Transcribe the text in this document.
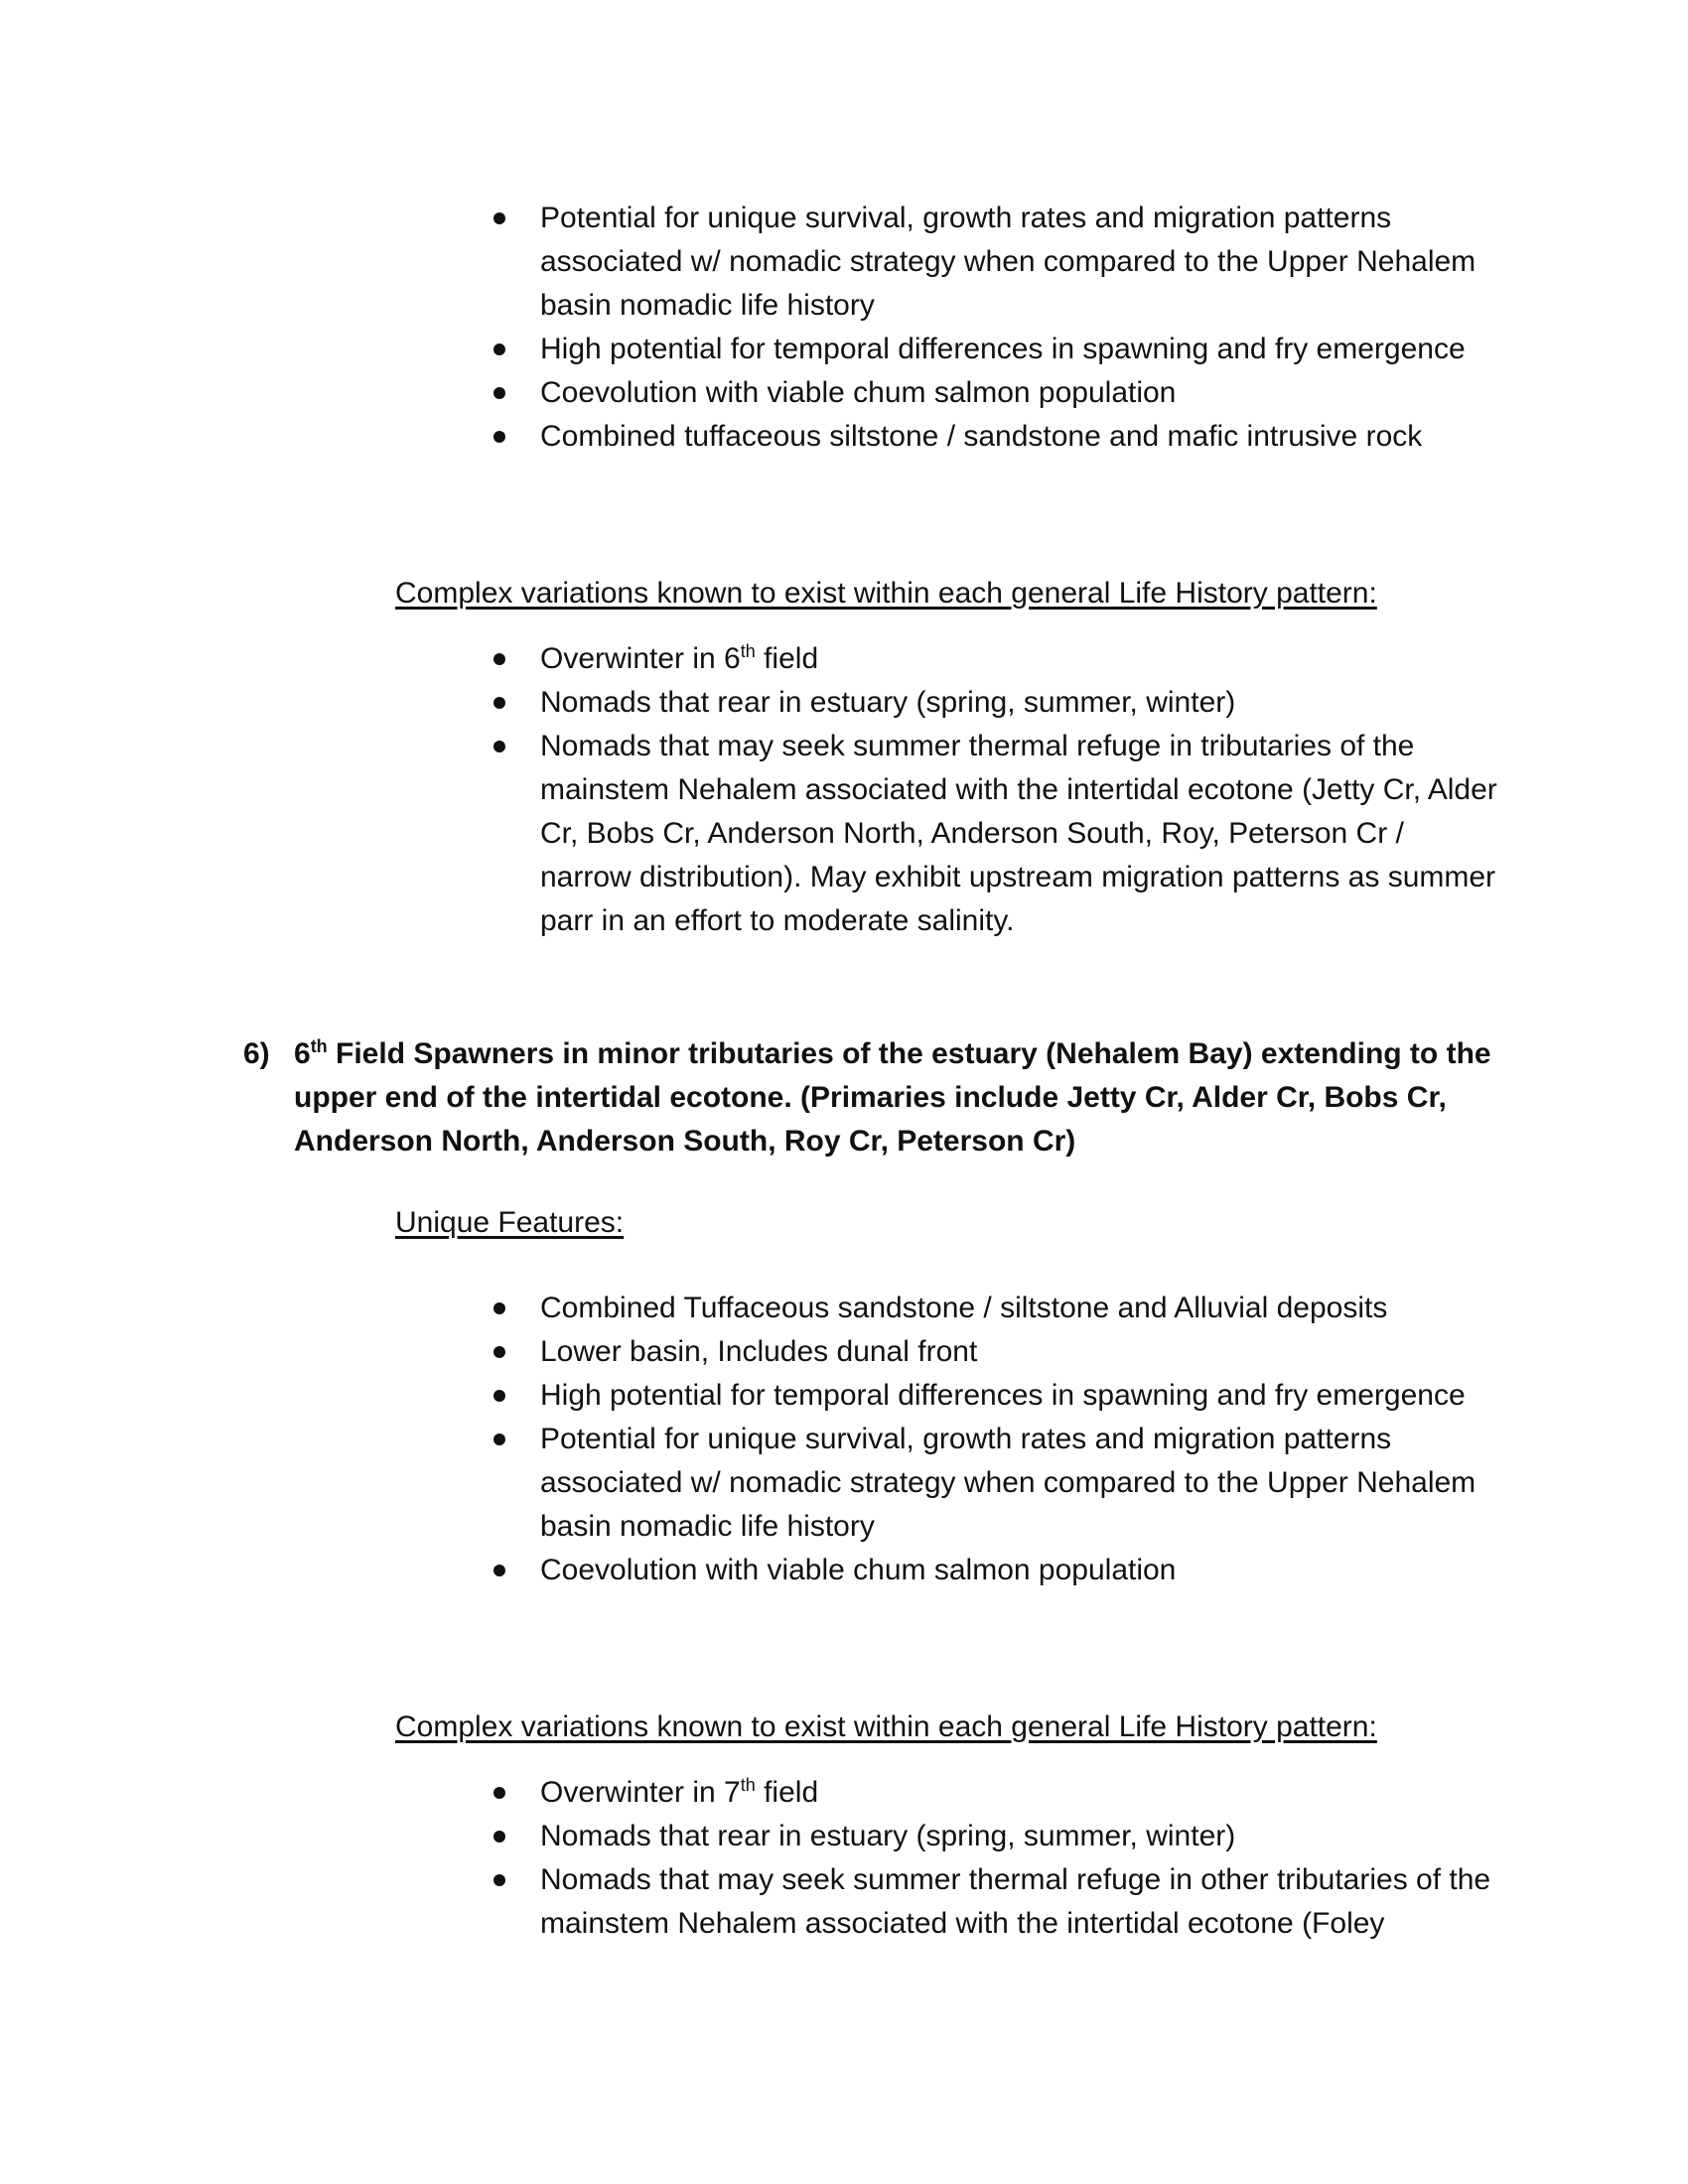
Potential for unique survival, growth rates and migration patterns associated w/ nomadic strategy when compared to the Upper Nehalem basin nomadic life history
High potential for temporal differences in spawning and fry emergence
Coevolution with viable chum salmon population
Combined tuffaceous siltstone / sandstone and mafic intrusive rock
Complex variations known to exist within each general Life History pattern:
Overwinter in 6th field
Nomads that rear in estuary (spring, summer, winter)
Nomads that may seek summer thermal refuge in tributaries of the mainstem Nehalem associated with the intertidal ecotone (Jetty Cr, Alder Cr, Bobs Cr, Anderson North, Anderson South, Roy, Peterson Cr / narrow distribution). May exhibit upstream migration patterns as summer parr in an effort to moderate salinity.
6) 6th Field Spawners in minor tributaries of the estuary (Nehalem Bay) extending to the upper end of the intertidal ecotone. (Primaries include Jetty Cr, Alder Cr, Bobs Cr, Anderson North, Anderson South, Roy Cr, Peterson Cr)
Unique Features:
Combined Tuffaceous sandstone / siltstone and Alluvial deposits
Lower basin, Includes dunal front
High potential for temporal differences in spawning and fry emergence
Potential for unique survival, growth rates and migration patterns associated w/ nomadic strategy when compared to the Upper Nehalem basin nomadic life history
Coevolution with viable chum salmon population
Complex variations known to exist within each general Life History pattern:
Overwinter in 7th field
Nomads that rear in estuary (spring, summer, winter)
Nomads that may seek summer thermal refuge in other tributaries of the mainstem Nehalem associated with the intertidal ecotone (Foley
